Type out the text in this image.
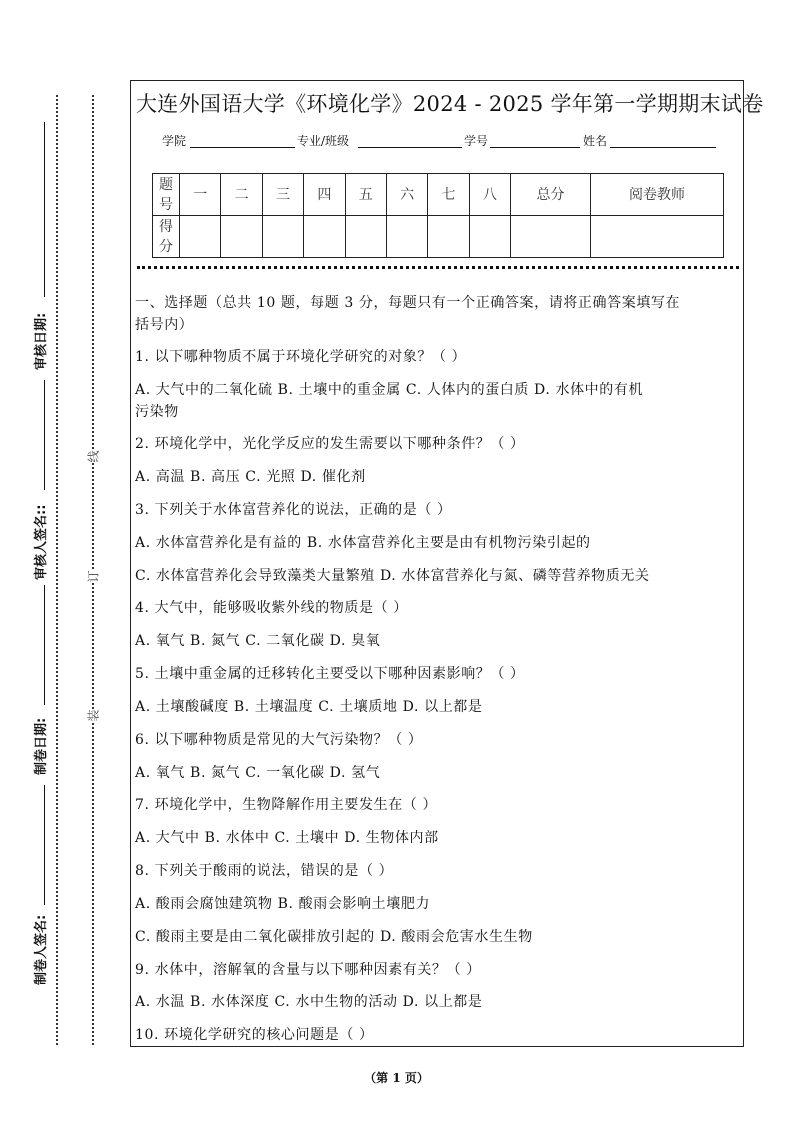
制卷人签名:
制卷日期:
审核人签名::
审核日期:
装
订
线
大连外国语大学《环境化学》2024 - 2025 学年第一学期期末试卷
学院	专业/班级	学号	姓名
题号	一	二	三	四	五	六	七	八	总分	阅卷教师
得分										
一、选择题（总共 10 题，每题 3 分，每题只有一个正确答案，请将正确答案填写在
括号内）
1. 以下哪种物质不属于环境化学研究的对象？（ ）
A. 大气中的二氧化硫 B. 土壤中的重金属 C. 人体内的蛋白质 D. 水体中的有机
污染物
2. 环境化学中，光化学反应的发生需要以下哪种条件？（ ）
A. 高温 B. 高压 C. 光照 D. 催化剂
3. 下列关于水体富营养化的说法，正确的是（ ）
A. 水体富营养化是有益的 B. 水体富营养化主要是由有机物污染引起的
C. 水体富营养化会导致藻类大量繁殖 D. 水体富营养化与氮、磷等营养物质无关
4. 大气中，能够吸收紫外线的物质是（ ）
A. 氧气 B. 氮气 C. 二氧化碳 D. 臭氧
5. 土壤中重金属的迁移转化主要受以下哪种因素影响？（ ）
A. 土壤酸碱度 B. 土壤温度 C. 土壤质地 D. 以上都是
6. 以下哪种物质是常见的大气污染物？（ ）
A. 氧气 B. 氮气 C. 一氧化碳 D. 氢气
7. 环境化学中，生物降解作用主要发生在（ ）
A. 大气中 B. 水体中 C. 土壤中 D. 生物体内部
8. 下列关于酸雨的说法，错误的是（ ）
A. 酸雨会腐蚀建筑物 B. 酸雨会影响土壤肥力
C. 酸雨主要是由二氧化碳排放引起的 D. 酸雨会危害水生生物
9. 水体中，溶解氧的含量与以下哪种因素有关？（ ）
A. 水温 B. 水体深度 C. 水中生物的活动 D. 以上都是
10. 环境化学研究的核心问题是（ ）
（第 1 页）
